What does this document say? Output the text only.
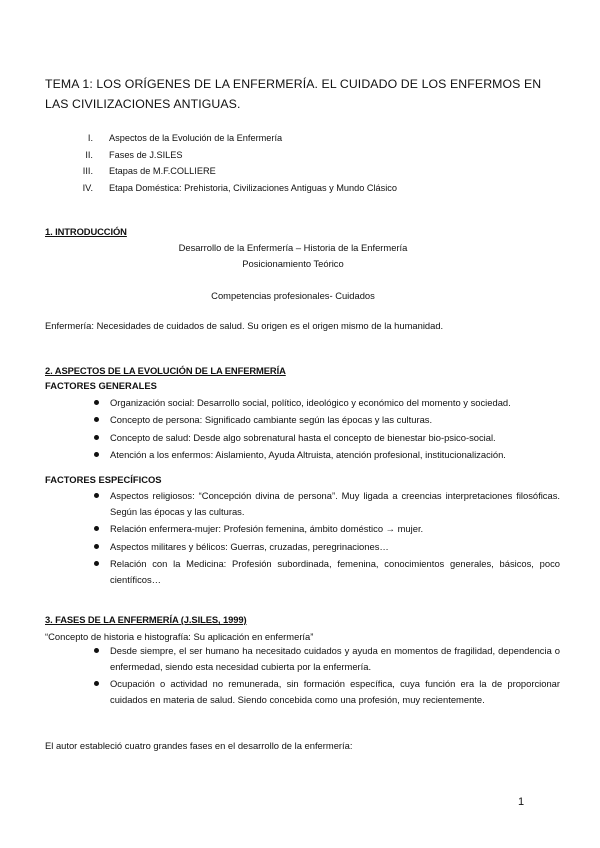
TEMA 1: LOS ORÍGENES DE LA ENFERMERÍA. EL CUIDADO DE LOS ENFERMOS EN LAS CIVILIZACIONES ANTIGUAS.
I. Aspectos de la Evolución de la Enfermería
II. Fases de J.SILES
III. Etapas de M.F.COLLIERE
IV. Etapa Doméstica: Prehistoria, Civilizaciones Antiguas y Mundo Clásico
1. INTRODUCCIÓN
Desarrollo de la Enfermería – Historia de la Enfermería
Posicionamiento Teórico
Competencias profesionales- Cuidados
Enfermería: Necesidades de cuidados de salud. Su origen es el origen mismo de la humanidad.
2. ASPECTOS DE LA EVOLUCIÓN DE LA ENFERMERÍA
FACTORES GENERALES
Organización social: Desarrollo social, político, ideológico y económico del momento y sociedad.
Concepto de persona: Significado cambiante según las épocas y las culturas.
Concepto de salud: Desde algo sobrenatural hasta el concepto de bienestar bio-psico-social.
Atención a los enfermos: Aislamiento, Ayuda Altruista, atención profesional, institucionalización.
FACTORES ESPECÍFICOS
Aspectos religiosos: “Concepción divina de persona”. Muy ligada a creencias interpretaciones filosóficas. Según las épocas y las culturas.
Relación enfermera-mujer: Profesión femenina, ámbito doméstico → mujer.
Aspectos militares y bélicos: Guerras, cruzadas, peregrinaciones…
Relación con la Medicina: Profesión subordinada, femenina, conocimientos generales, básicos, poco científicos…
3. FASES DE LA ENFERMERÍA (J.SILES, 1999)
“Concepto de historia e histografía: Su aplicación en enfermería”
Desde siempre, el ser humano ha necesitado cuidados y ayuda en momentos de fragilidad, dependencia o enfermedad, siendo esta necesidad cubierta por la enfermería.
Ocupación o actividad no remunerada, sin formación específica, cuya función era la de proporcionar cuidados en materia de salud. Siendo concebida como una profesión, muy recientemente.
El autor estableció cuatro grandes fases en el desarrollo de la enfermería:
1
